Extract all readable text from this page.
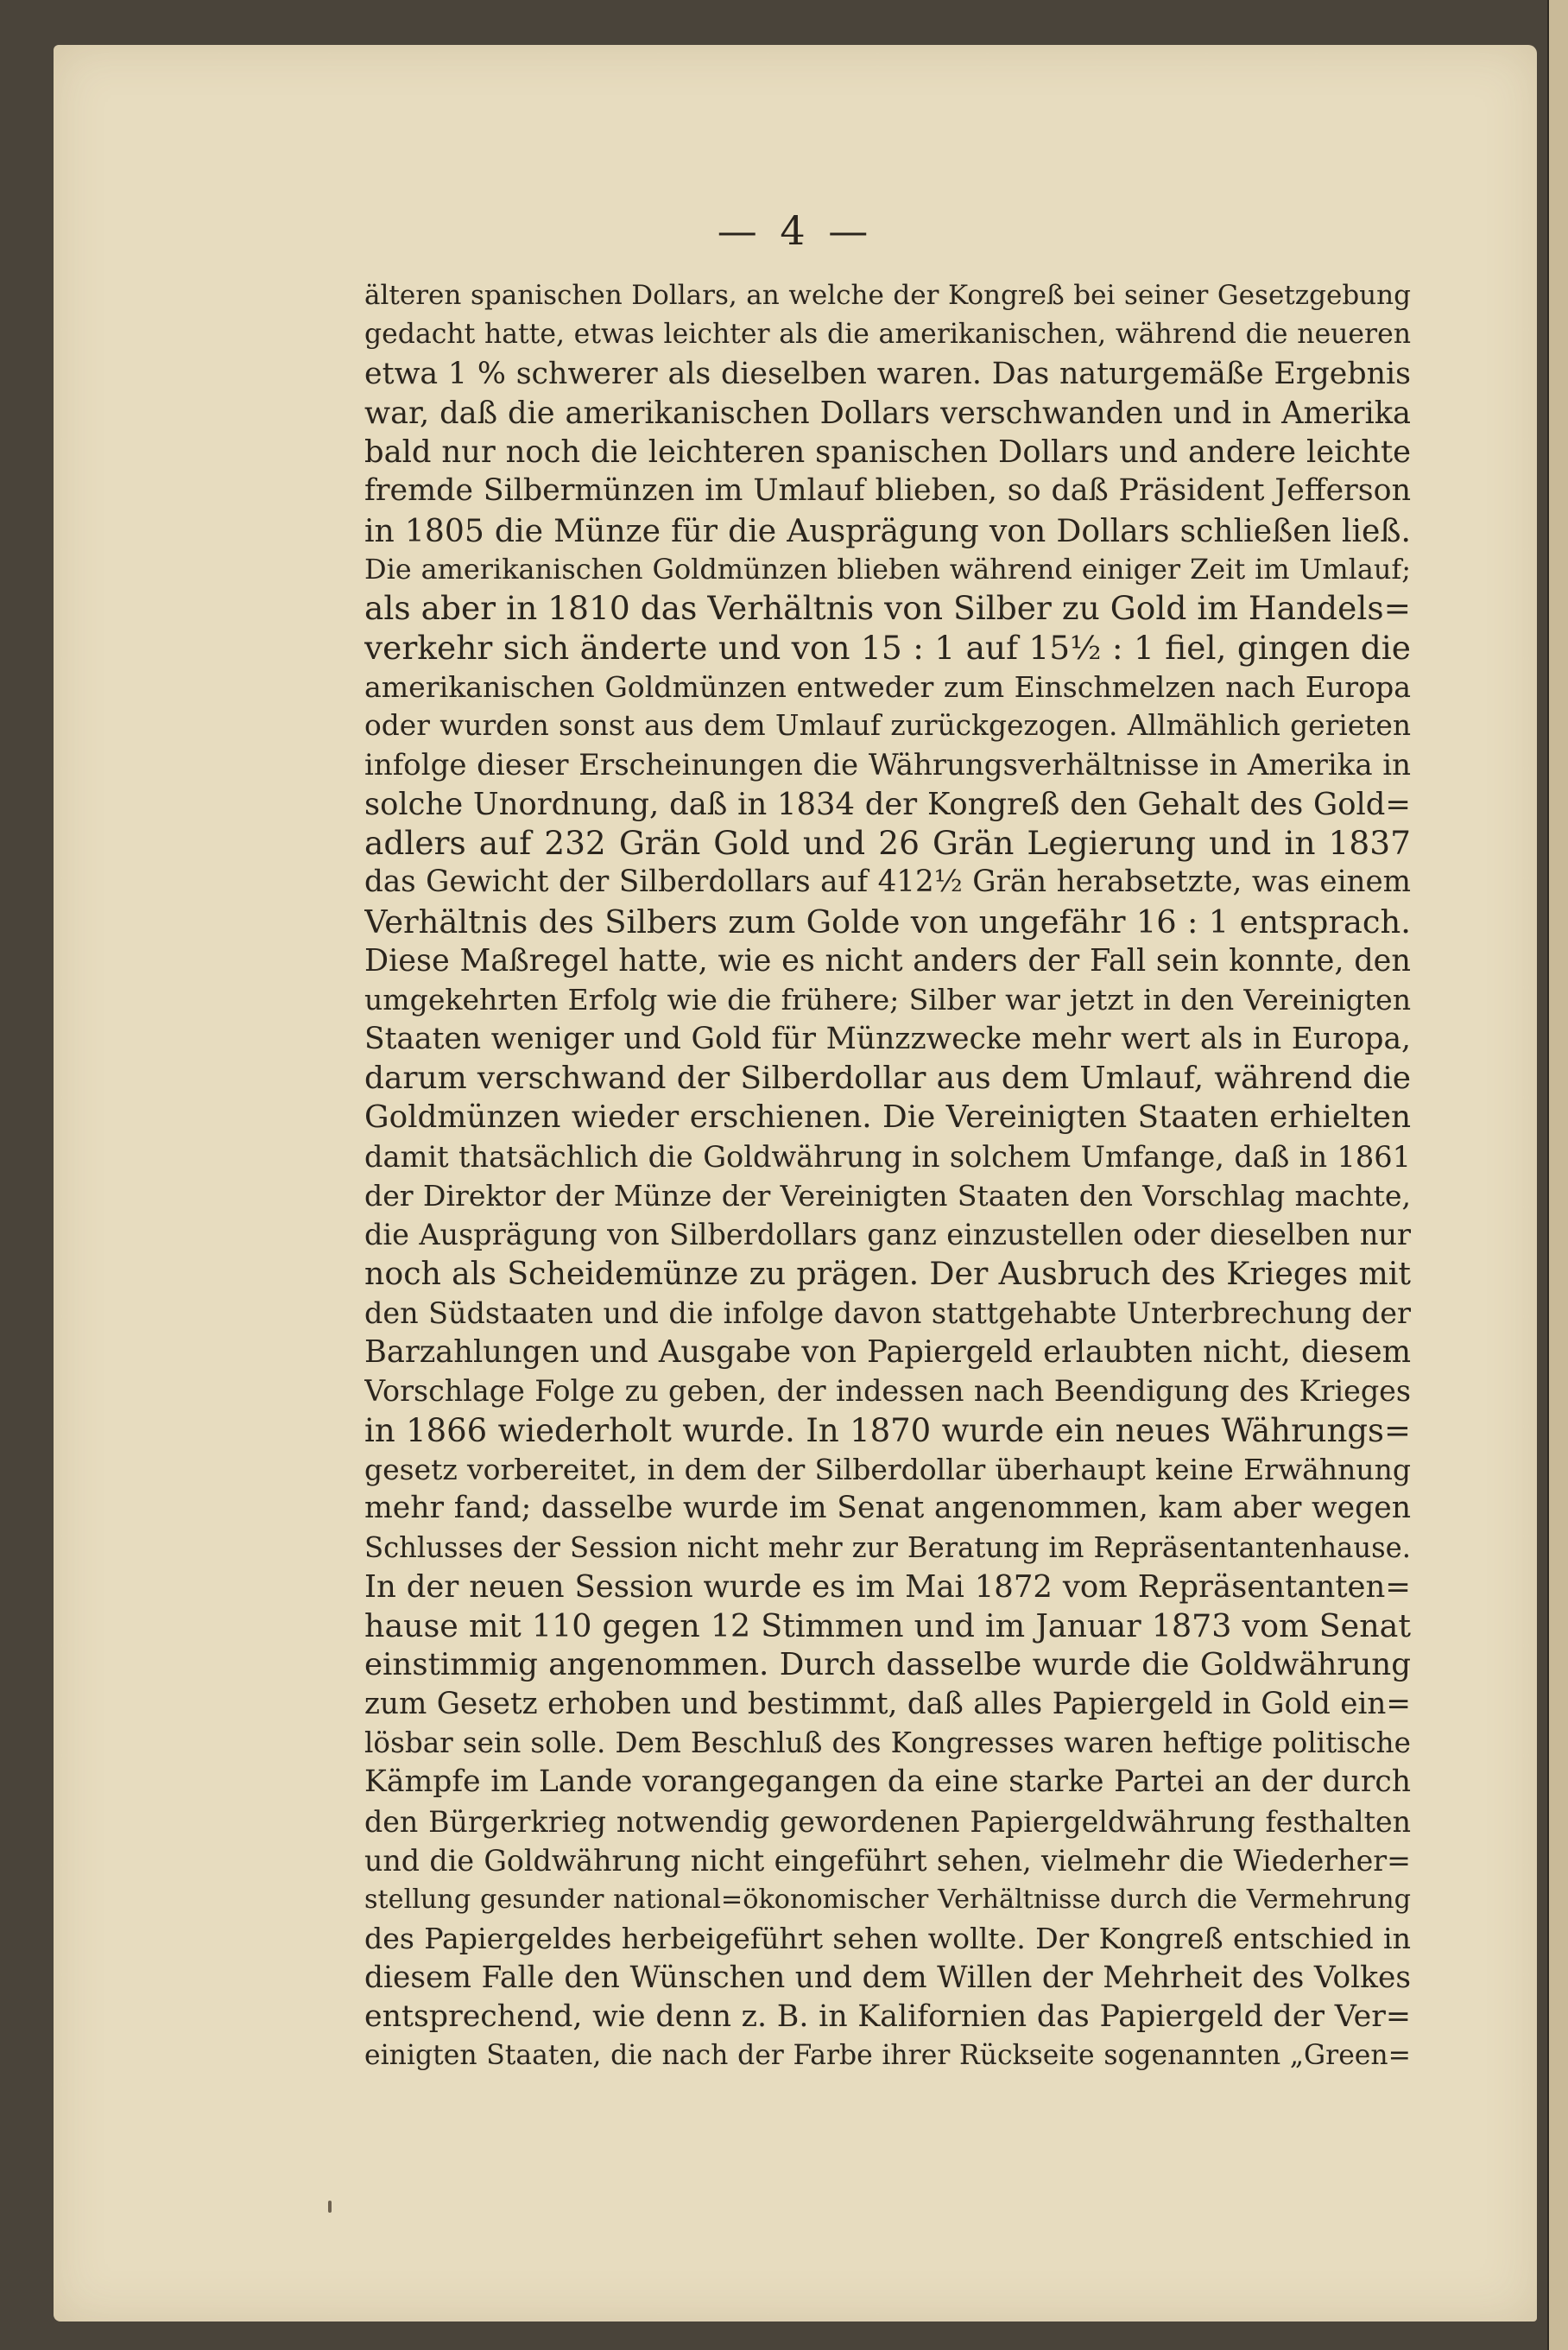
— 4 —
älteren spanischen Dollars, an welche der Kongreß bei seiner Gesetzgebung
gedacht hatte, etwas leichter als die amerikanischen, während die neueren
etwa 1 % schwerer als dieselben waren. Das naturgemäße Ergebnis
war, daß die amerikanischen Dollars verschwanden und in Amerika
bald nur noch die leichteren spanischen Dollars und andere leichte
fremde Silbermünzen im Umlauf blieben, so daß Präsident Jefferson
in 1805 die Münze für die Ausprägung von Dollars schließen ließ.
Die amerikanischen Goldmünzen blieben während einiger Zeit im Umlauf;
als aber in 1810 das Verhältnis von Silber zu Gold im Handels=
verkehr sich änderte und von 15 : 1 auf 15½ : 1 fiel, gingen die
amerikanischen Goldmünzen entweder zum Einschmelzen nach Europa
oder wurden sonst aus dem Umlauf zurückgezogen. Allmählich gerieten
infolge dieser Erscheinungen die Währungsverhältnisse in Amerika in
solche Unordnung, daß in 1834 der Kongreß den Gehalt des Gold=
adlers auf 232 Grän Gold und 26 Grän Legierung und in 1837
das Gewicht der Silberdollars auf 412½ Grän herabsetzte, was einem
Verhältnis des Silbers zum Golde von ungefähr 16 : 1 entsprach.
Diese Maßregel hatte, wie es nicht anders der Fall sein konnte, den
umgekehrten Erfolg wie die frühere; Silber war jetzt in den Vereinigten
Staaten weniger und Gold für Münzzwecke mehr wert als in Europa,
darum verschwand der Silberdollar aus dem Umlauf, während die
Goldmünzen wieder erschienen. Die Vereinigten Staaten erhielten
damit thatsächlich die Goldwährung in solchem Umfange, daß in 1861
der Direktor der Münze der Vereinigten Staaten den Vorschlag machte,
die Ausprägung von Silberdollars ganz einzustellen oder dieselben nur
noch als Scheidemünze zu prägen. Der Ausbruch des Krieges mit
den Südstaaten und die infolge davon stattgehabte Unterbrechung der
Barzahlungen und Ausgabe von Papiergeld erlaubten nicht, diesem
Vorschlage Folge zu geben, der indessen nach Beendigung des Krieges
in 1866 wiederholt wurde. In 1870 wurde ein neues Währungs=
gesetz vorbereitet, in dem der Silberdollar überhaupt keine Erwähnung
mehr fand; dasselbe wurde im Senat angenommen, kam aber wegen
Schlusses der Session nicht mehr zur Beratung im Repräsentantenhause.
In der neuen Session wurde es im Mai 1872 vom Repräsentanten=
hause mit 110 gegen 12 Stimmen und im Januar 1873 vom Senat
einstimmig angenommen. Durch dasselbe wurde die Goldwährung
zum Gesetz erhoben und bestimmt, daß alles Papiergeld in Gold ein=
lösbar sein solle. Dem Beschluß des Kongresses waren heftige politische
Kämpfe im Lande vorangegangen da eine starke Partei an der durch
den Bürgerkrieg notwendig gewordenen Papiergeldwährung festhalten
und die Goldwährung nicht eingeführt sehen, vielmehr die Wiederher=
stellung gesunder national=ökonomischer Verhältnisse durch die Vermehrung
des Papiergeldes herbeigeführt sehen wollte. Der Kongreß entschied in
diesem Falle den Wünschen und dem Willen der Mehrheit des Volkes
entsprechend, wie denn z. B. in Kalifornien das Papiergeld der Ver=
einigten Staaten, die nach der Farbe ihrer Rückseite sogenannten „Green=
